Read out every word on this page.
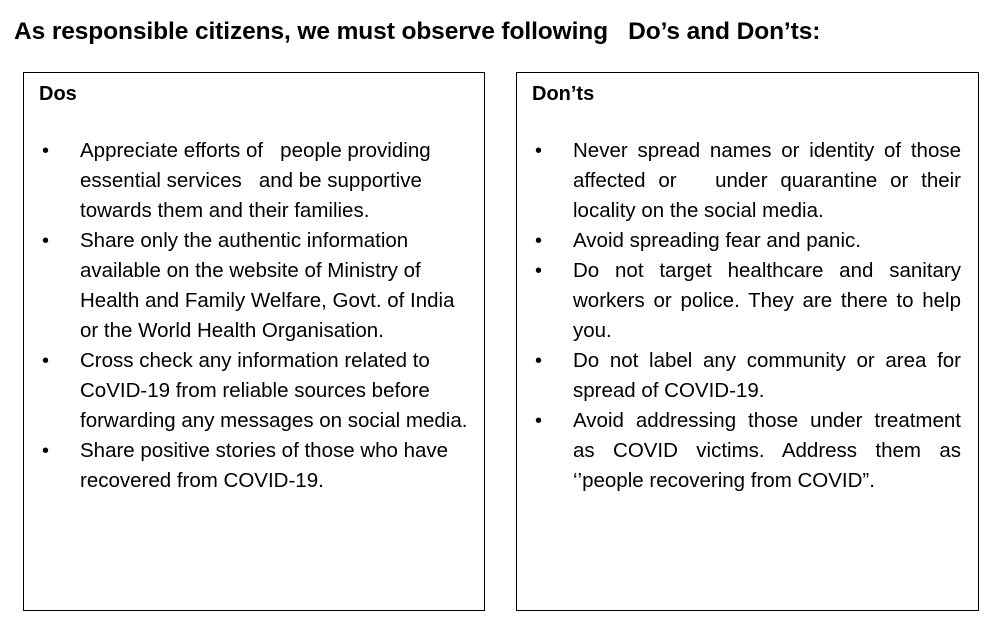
As responsible citizens, we must observe following   Do’s and Don’ts:
Dos
• Appreciate efforts of   people providing essential services   and be supportive towards them and their families.
• Share only the authentic information available on the website of Ministry of Health and Family Welfare, Govt. of India or the World Health Organisation.
• Cross check any information related to CoVID-19 from reliable sources before forwarding any messages on social media.
• Share positive stories of those who have recovered from COVID-19.
Don’ts
• Never spread names or identity of those affected or   under quarantine or their locality on the social media.
• Avoid spreading fear and panic.
• Do not target healthcare and sanitary workers or police. They are there to help you.
• Do not label any community or area for spread of COVID-19.
• Avoid addressing those under treatment as COVID victims. Address them as ‘’people recovering from COVID”.
